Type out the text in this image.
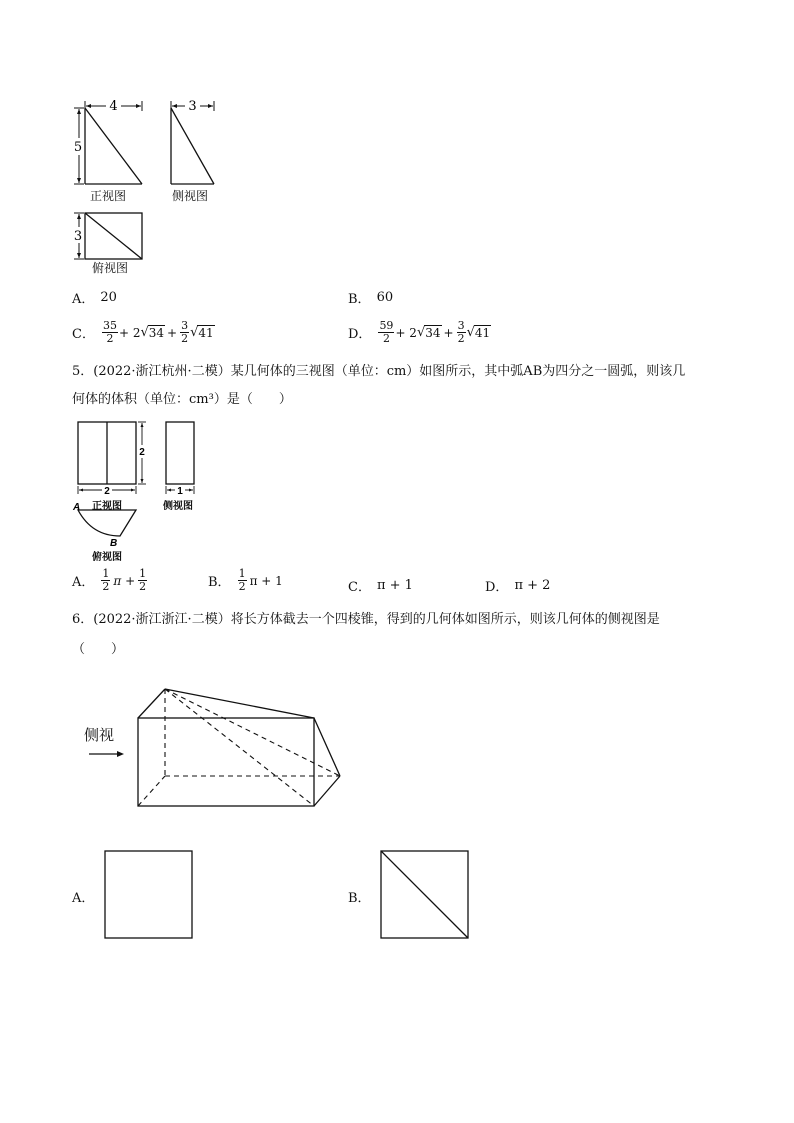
4
5
正视图
3
侧视图
3
俯视图
A． 20	B． 60
C． $\frac{35}{2} + 2$ √ $34 + \frac{3}{2}$ √ 41	D． $\frac{59}{2} + 2$ √ $34 + \frac{3}{2}$ √ 41
5．(2022·浙江杭州·二模）某几何体的三视图（单位：cm）如图所示，其中弧AB为四分之一圆弧，则该几
何体的体积（单位：cm³）是（　　）
2
2
正视图
1
侧视图
A
B
俯视图
A． $\frac{1}{2}$ $\pi + \frac{1}{2}$	B． $\frac{1}{2}$ π + 1	C． π + 1	D． π + 2
6．(2022·浙江浙江·二模）将长方体截去一个四棱锥，得到的几何体如图所示，则该几何体的侧视图是
（　　）
侧视
A．	B．
